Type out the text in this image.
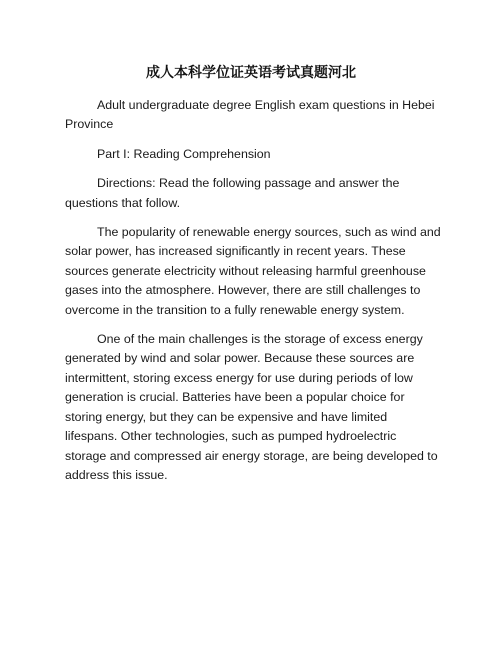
成人本科学位证英语考试真题河北

Adult undergraduate degree English exam questions in Hebei Province

Part I: Reading Comprehension

Directions: Read the following passage and answer the questions that follow.

The popularity of renewable energy sources, such as wind and solar power, has increased significantly in recent years. These sources generate electricity without releasing harmful greenhouse gases into the atmosphere. However, there are still challenges to overcome in the transition to a fully renewable energy system.

One of the main challenges is the storage of excess energy generated by wind and solar power. Because these sources are intermittent, storing excess energy for use during periods of low generation is crucial. Batteries have been a popular choice for storing energy, but they can be expensive and have limited lifespans. Other technologies, such as pumped hydroelectric storage and compressed air energy storage, are being developed to address this issue.
